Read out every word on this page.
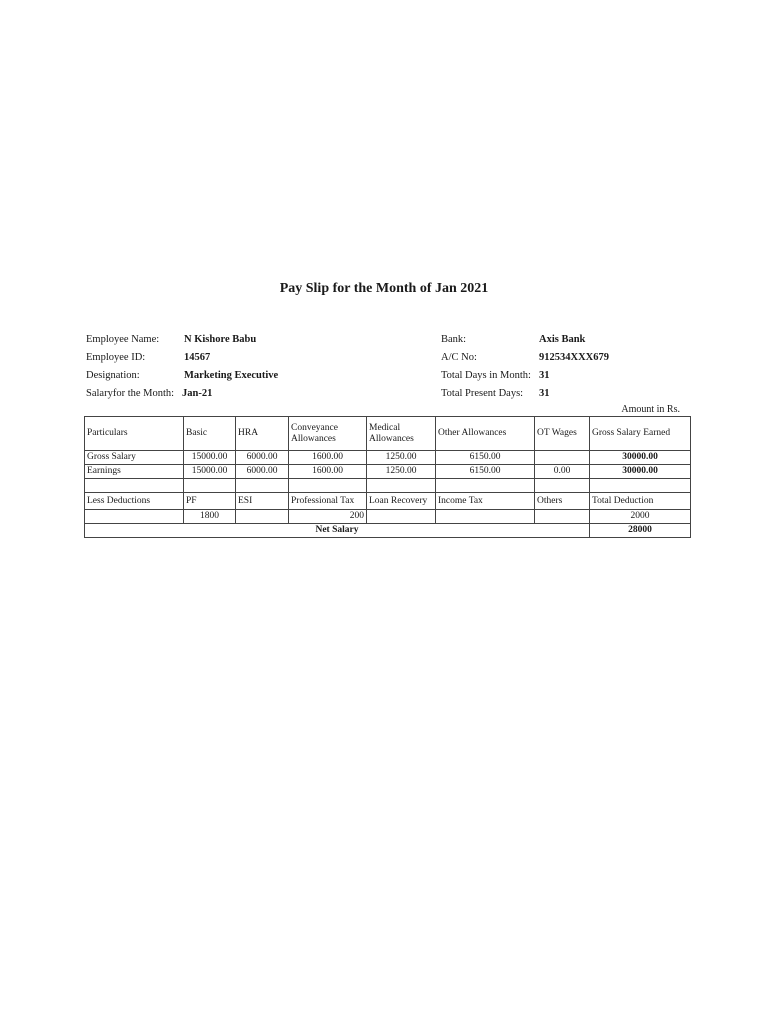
Pay Slip for the Month of Jan 2021
Employee Name: N Kishore Babu
Employee ID:	14567
Designation:	Marketing Executive
Salaryfor the Month: Jan-21
Bank:	Axis Bank
A/C No:	912534XXX679
Total Days in Month: 31
Total Present Days: 31
Amount in Rs.
Particulars	Basic	HRA	Conveyance Allowances	Medical Allowances	Other Allowances	OT Wages	Gross Salary Earned
Gross Salary	15000.00	6000.00	1600.00	1250.00	6150.00		30000.00
Earnings	15000.00	6000.00	1600.00	1250.00	6150.00	0.00	30000.00

Less Deductions	PF	ESI	Professional Tax	Loan Recovery	Income Tax	Others	Total Deduction
	1800		200				2000
Net Salary							28000
